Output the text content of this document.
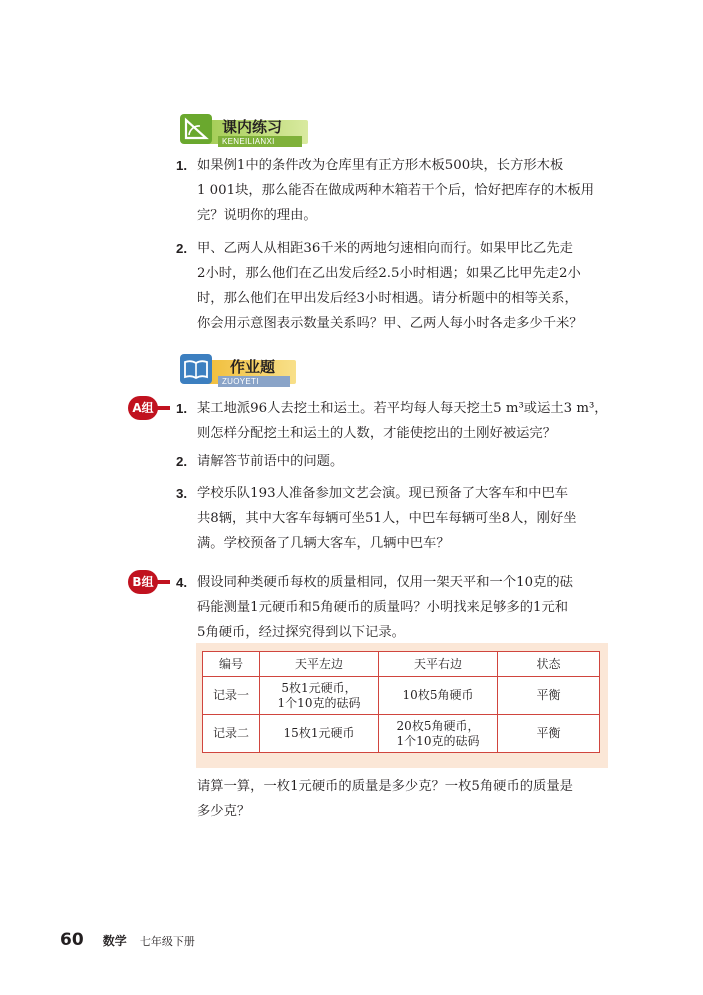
课内练习
KENEILIANXI
1. 如果例1中的条件改为仓库里有正方形木板500块，长方形木板
1 001块，那么能否在做成两种木箱若干个后，恰好把库存的木板用
完？说明你的理由。
2. 甲、乙两人从相距36千米的两地匀速相向而行。如果甲比乙先走
2小时，那么他们在乙出发后经2.5小时相遇；如果乙比甲先走2小
时，那么他们在甲出发后经3小时相遇。请分析题中的相等关系，
你会用示意图表示数量关系吗？甲、乙两人每小时各走多少千米？
作业题
ZUOYETI
A组	1. 某工地派96人去挖土和运土。若平均每人每天挖土5 m³或运土3 m³，
则怎样分配挖土和运土的人数，才能使挖出的土刚好被运完？
2. 请解答节前语中的问题。
3. 学校乐队193人准备参加文艺会演。现已预备了大客车和中巴车
共8辆，其中大客车每辆可坐51人，中巴车每辆可坐8人，刚好坐
满。学校预备了几辆大客车，几辆中巴车？
B组	4. 假设同种类硬币每枚的质量相同，仅用一架天平和一个10克的砝
码能测量1元硬币和5角硬币的质量吗？小明找来足够多的1元和
5角硬币，经过探究得到以下记录。
编号	天平左边	天平右边	状态
记录一	5枚1元硬币，
1个10克的砝码	10枚5角硬币	平衡
记录二	15枚1元硬币	20枚5角硬币，
1个10克的砝码	平衡
请算一算，一枚1元硬币的质量是多少克？一枚5角硬币的质量是
多少克？
60 数学 七年级下册
